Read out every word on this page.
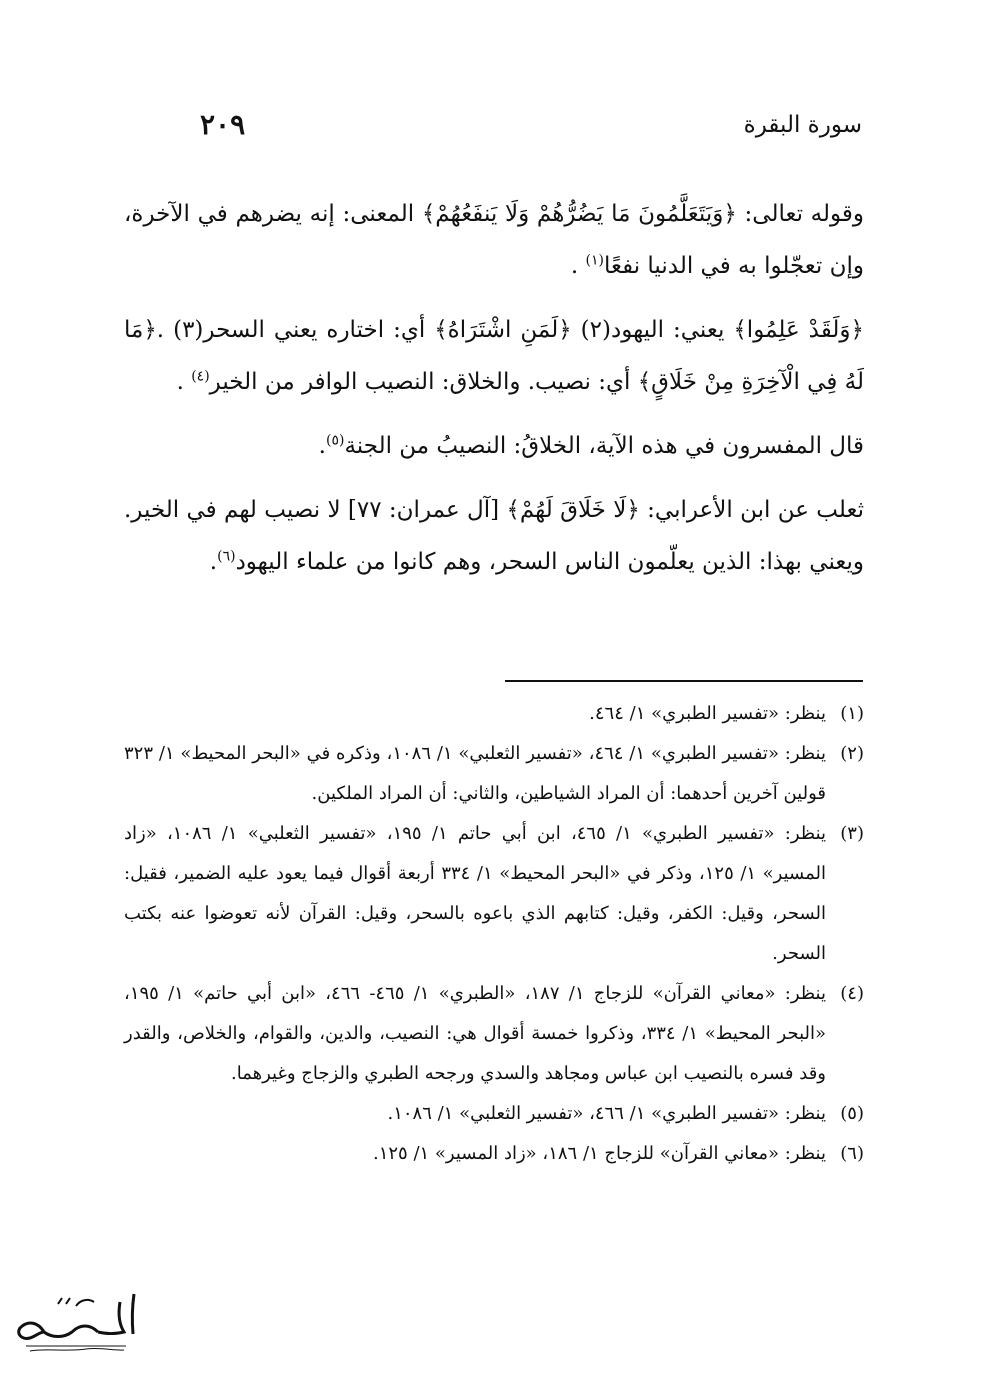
سورة البقرة
٢٠٩

وقوله تعالى: ﴿وَيَتَعَلَّمُونَ مَا يَضُرُّهُمْ وَلَا يَنفَعُهُمْ﴾ المعنى: إنه يضرهم في الآخرة، وإن تعجّلوا به في الدنيا نفعًا$^{(١)}$ .

﴿وَلَقَدْ عَلِمُوا﴾ يعني: اليهود(٢) ﴿لَمَنِ اشْتَرَاهُ﴾ أي: اختاره يعني السحر(٣) .﴿مَا لَهُ فِي الْآخِرَةِ مِنْ خَلَاقٍ﴾ أي: نصيب. والخلاق: النصيب الوافر من الخير$^{(٤)}$ .

قال المفسرون في هذه الآية، الخلاقُ: النصيبُ من الجنة$^{(٥)}$.

ثعلب عن ابن الأعرابي: ﴿لَا خَلَاقَ لَهُمْ﴾ [آل عمران: ٧٧] لا نصيب لهم في الخير. ويعني بهذا: الذين يعلّمون الناس السحر، وهم كانوا من علماء اليهود$^{(٦)}$.

(١)
ينظر: «تفسير الطبري» ١/ ٤٦٤.
(٢)
ينظر: «تفسير الطبري» ١/ ٤٦٤، «تفسير الثعلبي» ١/ ١٠٨٦، وذكره في «البحر المحيط» ١/ ٣٢٣ قولين آخرين أحدهما: أن المراد الشياطين، والثاني: أن المراد الملكين.
(٣)
ينظر: «تفسير الطبري» ١/ ٤٦٥، ابن أبي حاتم ١/ ١٩٥، «تفسير الثعلبي» ١/ ١٠٨٦، «زاد المسير» ١/ ١٢٥، وذكر في «البحر المحيط» ١/ ٣٣٤ أربعة أقوال فيما يعود عليه الضمير، فقيل: السحر، وقيل: الكفر، وقيل: كتابهم الذي باعوه بالسحر، وقيل: القرآن لأنه تعوضوا عنه بكتب السحر.
(٤)
ينظر: «معاني القرآن» للزجاج ١/ ١٨٧، «الطبري» ١/ ٤٦٥- ٤٦٦، «ابن أبي حاتم» ١/ ١٩٥، «البحر المحيط» ١/ ٣٣٤، وذكروا خمسة أقوال هي: النصيب، والدين، والقوام، والخلاص، والقدر وقد فسره بالنصيب ابن عباس ومجاهد والسدي ورجحه الطبري والزجاج وغيرهما.
(٥)
ينظر: «تفسير الطبري» ١/ ٤٦٦، «تفسير الثعلبي» ١/ ١٠٨٦.
(٦)
ينظر: «معاني القرآن» للزجاج ١/ ١٨٦، «زاد المسير» ١/ ١٢٥.
